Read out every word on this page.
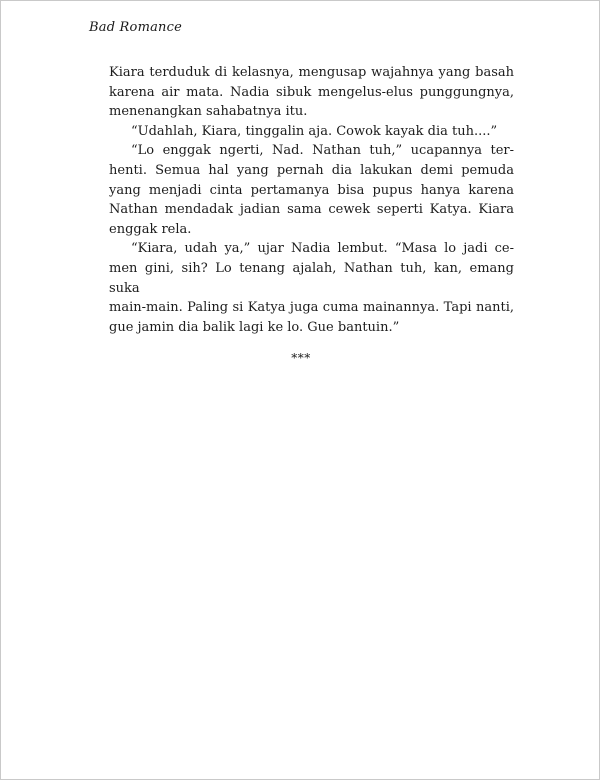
Bad Romance

Kiara terduduk di kelasnya, mengusap wajahnya yang basah
karena air mata. Nadia sibuk mengelus-elus punggungnya,
menenangkan sahabatnya itu.

“Udahlah, Kiara, tinggalin aja. Cowok kayak dia tuh....”

“Lo enggak ngerti, Nad. Nathan tuh,” ucapannya ter-
henti. Semua hal yang pernah dia lakukan demi pemuda
yang menjadi cinta pertamanya bisa pupus hanya karena
Nathan mendadak jadian sama cewek seperti Katya. Kiara
enggak rela.

“Kiara, udah ya,” ujar Nadia lembut. “Masa lo jadi ce-
men gini, sih? Lo tenang ajalah, Nathan tuh, kan, emang suka
main-main. Paling si Katya juga cuma mainannya. Tapi nanti,
gue jamin dia balik lagi ke lo. Gue bantuin.”

***
